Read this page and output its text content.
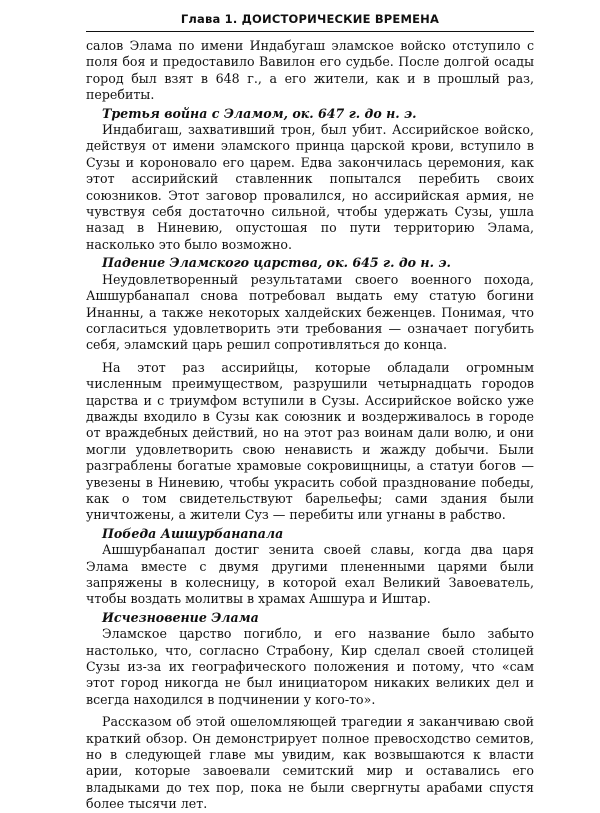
Глава 1. ДОИСТОРИЧЕСКИЕ ВРЕМЕНА

салов Элама по имени Индабугаш эламское войско отступило с поля боя и предоставило Вавилон его судьбе. После долгой осады город был взят в 648 г., а его жители, как и в прошлый раз, перебиты.

Третья война с Эламом, ок. 647 г. до н. э.

Индабигаш, захвативший трон, был убит. Ассирийское войско, действуя от имени эламского принца царской крови, вступило в Сузы и короновало его царем. Едва закончилась церемония, как этот ассирийский ставленник попытался перебить своих союзников. Этот заговор провалился, но ассирийская армия, не чувствуя себя достаточно сильной, чтобы удержать Сузы, ушла назад в Ниневию, опустошая по пути территорию Элама, насколько это было возможно.

Падение Эламского царства, ок. 645 г. до н. э.

Неудовлетворенный результатами своего военного похода, Ашшурбанапал снова потребовал выдать ему статую богини Инанны, а также некоторых халдейских беженцев. Понимая, что согласиться удовлетворить эти требования — означает погубить себя, эламский царь решил сопротивляться до конца.

На этот раз ассирийцы, которые обладали огромным численным преимуществом, разрушили четырнадцать городов царства и с триумфом вступили в Сузы. Ассирийское войско уже дважды входило в Сузы как союзник и воздерживалось в городе от враждебных действий, но на этот раз воинам дали волю, и они могли удовлетворить свою ненависть и жажду добычи. Были разграблены богатые храмовые сокровищницы, а статуи богов — увезены в Ниневию, чтобы украсить собой празднование победы, как о том свидетельствуют барельефы; сами здания были уничтожены, а жители Суз — перебиты или угнаны в рабство.

Победа Ашшурбанапала

Ашшурбанапал достиг зенита своей славы, когда два царя Элама вместе с двумя другими плененными царями были запряжены в колесницу, в которой ехал Великий Завоеватель, чтобы воздать молитвы в храмах Ашшура и Иштар.

Исчезновение Элама

Эламское царство погибло, и его название было забыто настолько, что, согласно Страбону, Кир сделал своей столицей Сузы из-за их географического положения и потому, что «сам этот город никогда не был инициатором никаких великих дел и всегда находился в подчинении у кого-то».

Рассказом об этой ошеломляющей трагедии я заканчиваю свой краткий обзор. Он демонстрирует полное превосходство семитов, но в следующей главе мы увидим, как возвышаются к власти арии, которые завоевали семитский мир и оставались его владыками до тех пор, пока не были свергнуты арабами спустя более тысячи лет.
